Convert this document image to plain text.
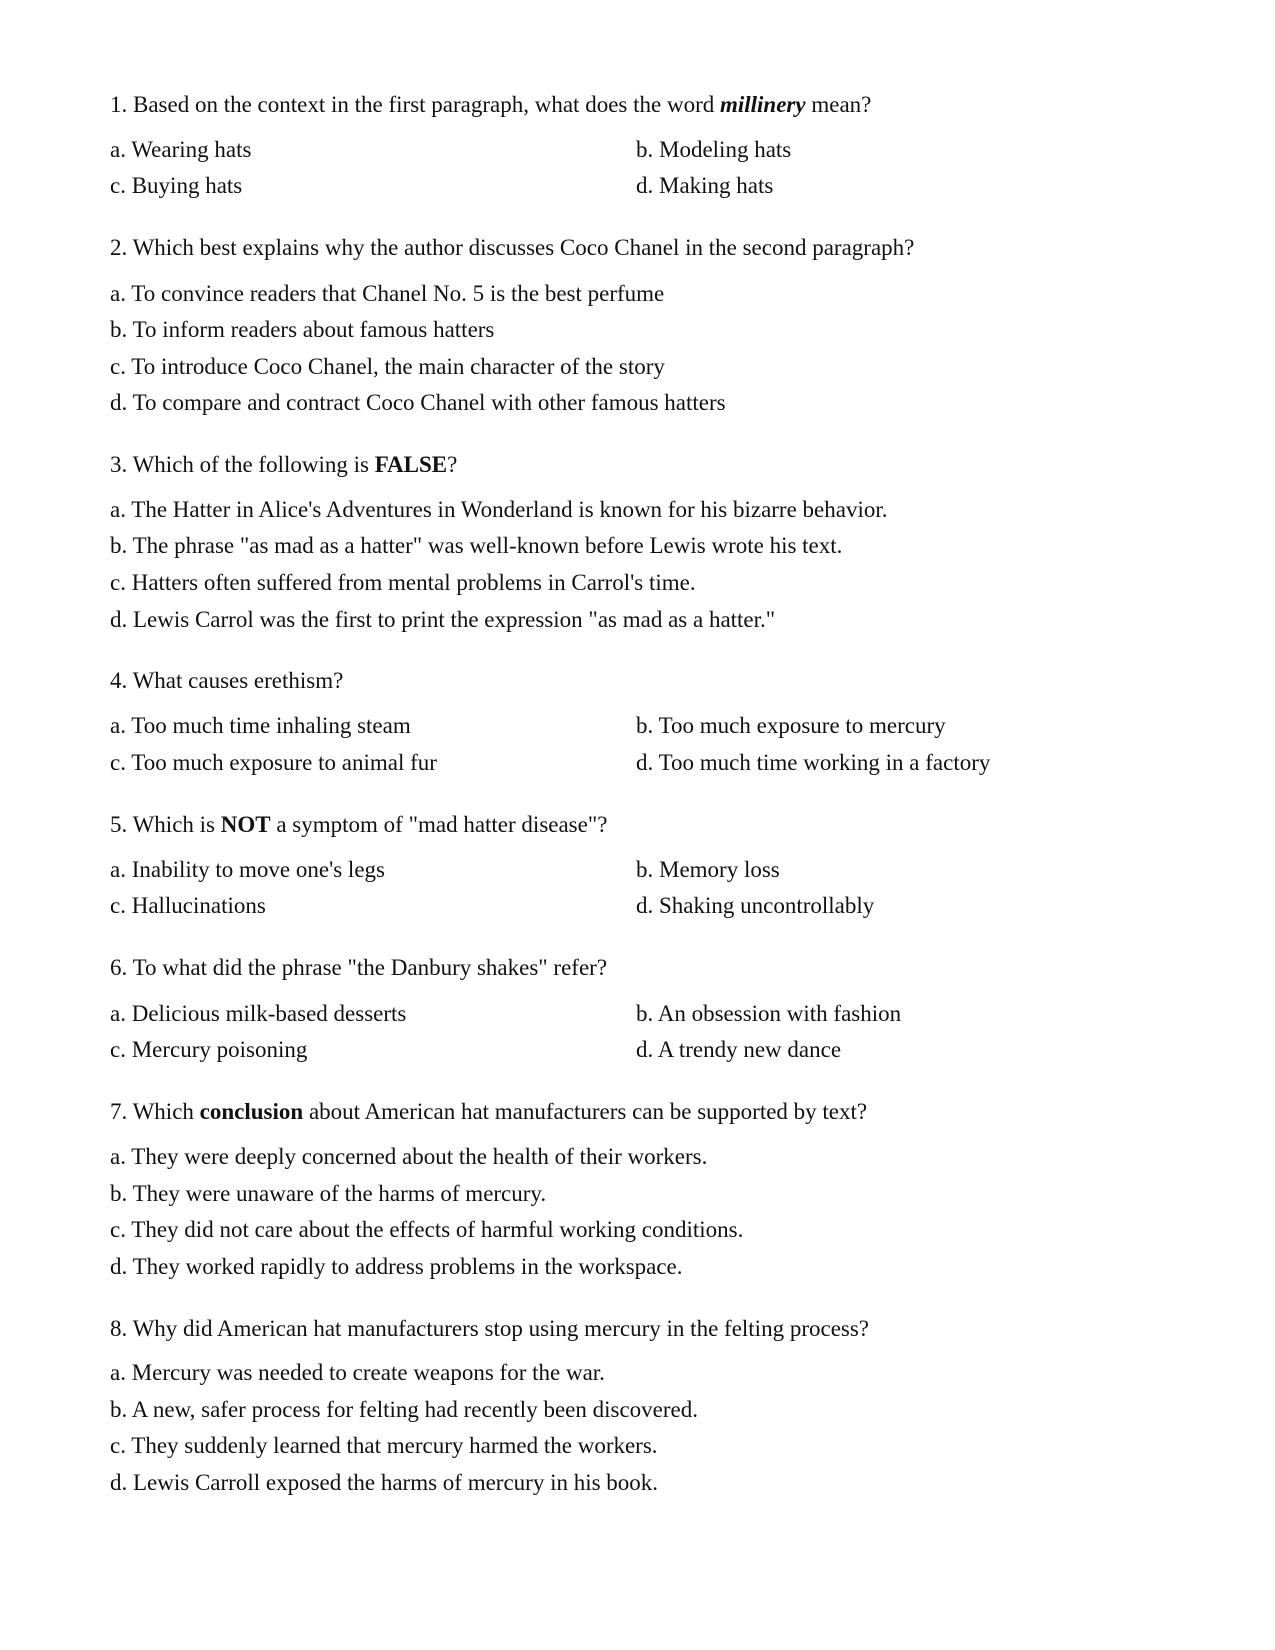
1. Based on the context in the first paragraph, what does the word millinery mean?
a. Wearing hats	b. Modeling hats
c. Buying hats	d. Making hats
2. Which best explains why the author discusses Coco Chanel in the second paragraph?
a. To convince readers that Chanel No. 5 is the best perfume
b. To inform readers about famous hatters
c. To introduce Coco Chanel, the main character of the story
d. To compare and contract Coco Chanel with other famous hatters
3. Which of the following is FALSE?
a. The Hatter in Alice's Adventures in Wonderland is known for his bizarre behavior.
b. The phrase "as mad as a hatter" was well-known before Lewis wrote his text.
c. Hatters often suffered from mental problems in Carrol's time.
d. Lewis Carrol was the first to print the expression "as mad as a hatter."
4. What causes erethism?
a. Too much time inhaling steam	b. Too much exposure to mercury
c. Too much exposure to animal fur	d. Too much time working in a factory
5. Which is NOT a symptom of "mad hatter disease"?
a. Inability to move one's legs	b. Memory loss
c. Hallucinations	d. Shaking uncontrollably
6. To what did the phrase "the Danbury shakes" refer?
a. Delicious milk-based desserts	b. An obsession with fashion
c. Mercury poisoning	d. A trendy new dance
7. Which conclusion about American hat manufacturers can be supported by text?
a. They were deeply concerned about the health of their workers.
b. They were unaware of the harms of mercury.
c. They did not care about the effects of harmful working conditions.
d. They worked rapidly to address problems in the workspace.
8. Why did American hat manufacturers stop using mercury in the felting process?
a. Mercury was needed to create weapons for the war.
b. A new, safer process for felting had recently been discovered.
c. They suddenly learned that mercury harmed the workers.
d. Lewis Carroll exposed the harms of mercury in his book.
